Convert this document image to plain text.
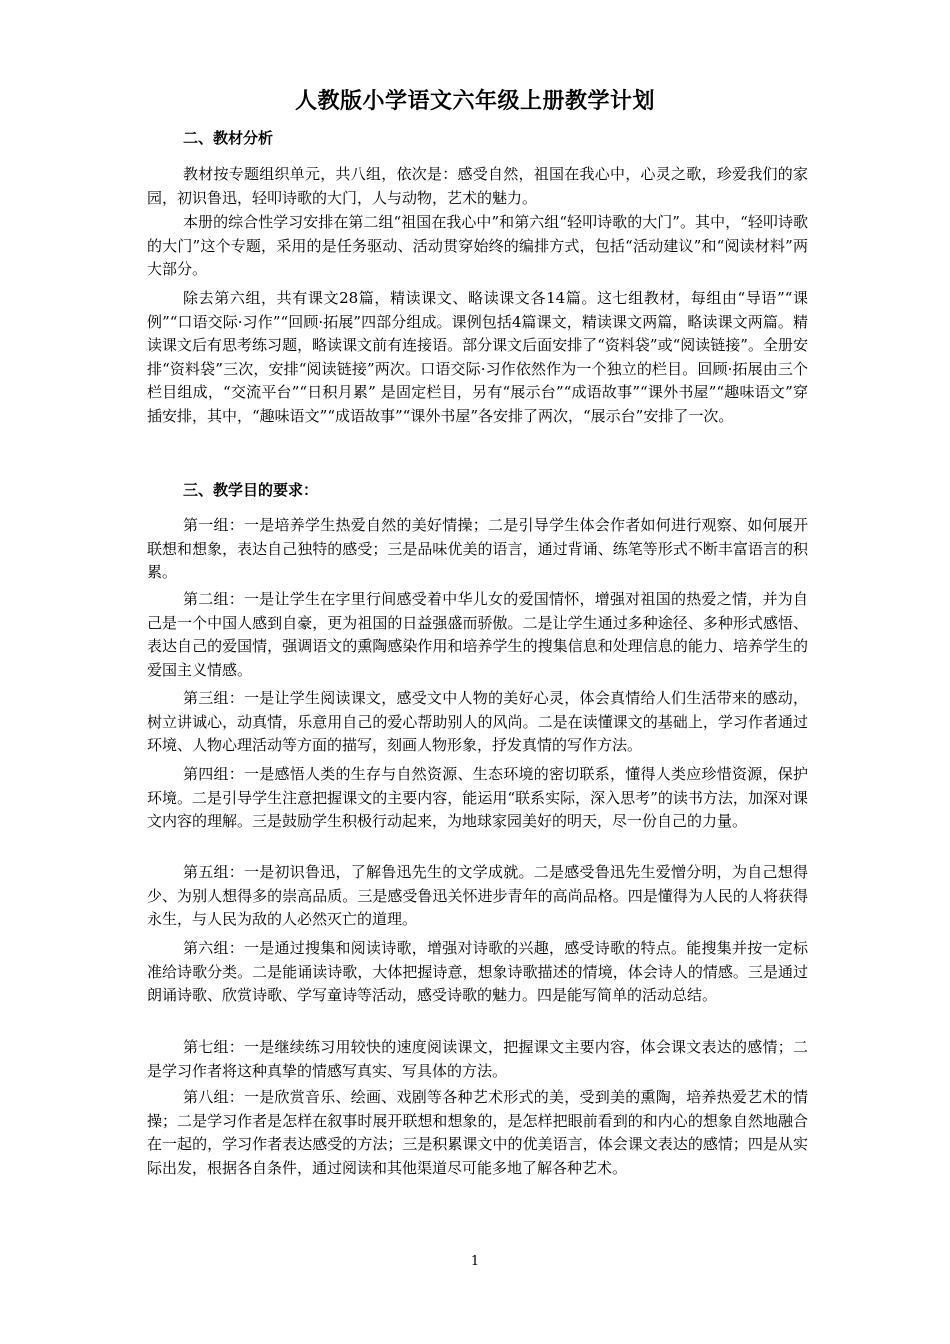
人教版小学语文六年级上册教学计划
二、教材分析

教材按专题组织单元，共八组，依次是：感受自然，祖国在我心中，心灵之歌，珍爱我们的家园，初识鲁迅，轻叩诗歌的大门，人与动物，艺术的魅力。

本册的综合性学习安排在第二组“祖国在我心中”和第六组“轻叩诗歌的大门”。其中，“轻叩诗歌的大门”这个专题，采用的是任务驱动、活动贯穿始终的编排方式，包括“活动建议”和“阅读材料”两大部分。

除去第六组，共有课文28篇，精读课文、略读课文各14篇。这七组教材，每组由“导语”“课例”“口语交际·习作”“回顾·拓展”四部分组成。课例包括4篇课文，精读课文两篇，略读课文两篇。精读课文后有思考练习题，略读课文前有连接语。部分课文后面安排了“资料袋”或“阅读链接”。全册安排“资料袋”三次，安排“阅读链接”两次。口语交际·习作依然作为一个独立的栏目。回顾·拓展由三个栏目组成，“交流平台”“日积月累” 是固定栏目，另有“展示台”“成语故事”“课外书屋”“趣味语文”穿插安排，其中，“趣味语文”“成语故事”“课外书屋”各安排了两次，“展示台”安排了一次。

三、教学目的要求：

第一组：一是培养学生热爱自然的美好情操；二是引导学生体会作者如何进行观察、如何展开联想和想象，表达自己独特的感受；三是品味优美的语言，通过背诵、练笔等形式不断丰富语言的积累。

第二组：一是让学生在字里行间感受着中华儿女的爱国情怀，增强对祖国的热爱之情，并为自己是一个中国人感到自豪，更为祖国的日益强盛而骄傲。二是让学生通过多种途径、多种形式感悟、表达自己的爱国情，强调语文的熏陶感染作用和培养学生的搜集信息和处理信息的能力、培养学生的爱国主义情感。

第三组：一是让学生阅读课文，感受文中人物的美好心灵，体会真情给人们生活带来的感动，树立讲诚心，动真情，乐意用自己的爱心帮助别人的风尚。二是在读懂课文的基础上，学习作者通过环境、人物心理活动等方面的描写，刻画人物形象，抒发真情的写作方法。

第四组：一是感悟人类的生存与自然资源、生态环境的密切联系，懂得人类应珍惜资源，保护环境。二是引导学生注意把握课文的主要内容，能运用“联系实际，深入思考”的读书方法，加深对课文内容的理解。三是鼓励学生积极行动起来，为地球家园美好的明天，尽一份自己的力量。

第五组：一是初识鲁迅，了解鲁迅先生的文学成就。二是感受鲁迅先生爱憎分明，为自己想得少、为别人想得多的崇高品质。三是感受鲁迅关怀进步青年的高尚品格。四是懂得为人民的人将获得永生，与人民为敌的人必然灭亡的道理。

第六组：一是通过搜集和阅读诗歌，增强对诗歌的兴趣，感受诗歌的特点。能搜集并按一定标准给诗歌分类。二是能诵读诗歌，大体把握诗意，想象诗歌描述的情境，体会诗人的情感。三是通过朗诵诗歌、欣赏诗歌、学写童诗等活动，感受诗歌的魅力。四是能写简单的活动总结。

第七组：一是继续练习用较快的速度阅读课文，把握课文主要内容，体会课文表达的感情；二是学习作者将这种真挚的情感写真实、写具体的方法。

第八组：一是欣赏音乐、绘画、戏剧等各种艺术形式的美，受到美的熏陶，培养热爱艺术的情操；二是学习作者是怎样在叙事时展开联想和想象的，是怎样把眼前看到的和内心的想象自然地融合在一起的，学习作者表达感受的方法；三是积累课文中的优美语言，体会课文表达的感情；四是从实际出发，根据各自条件，通过阅读和其他渠道尽可能多地了解各种艺术。

1
